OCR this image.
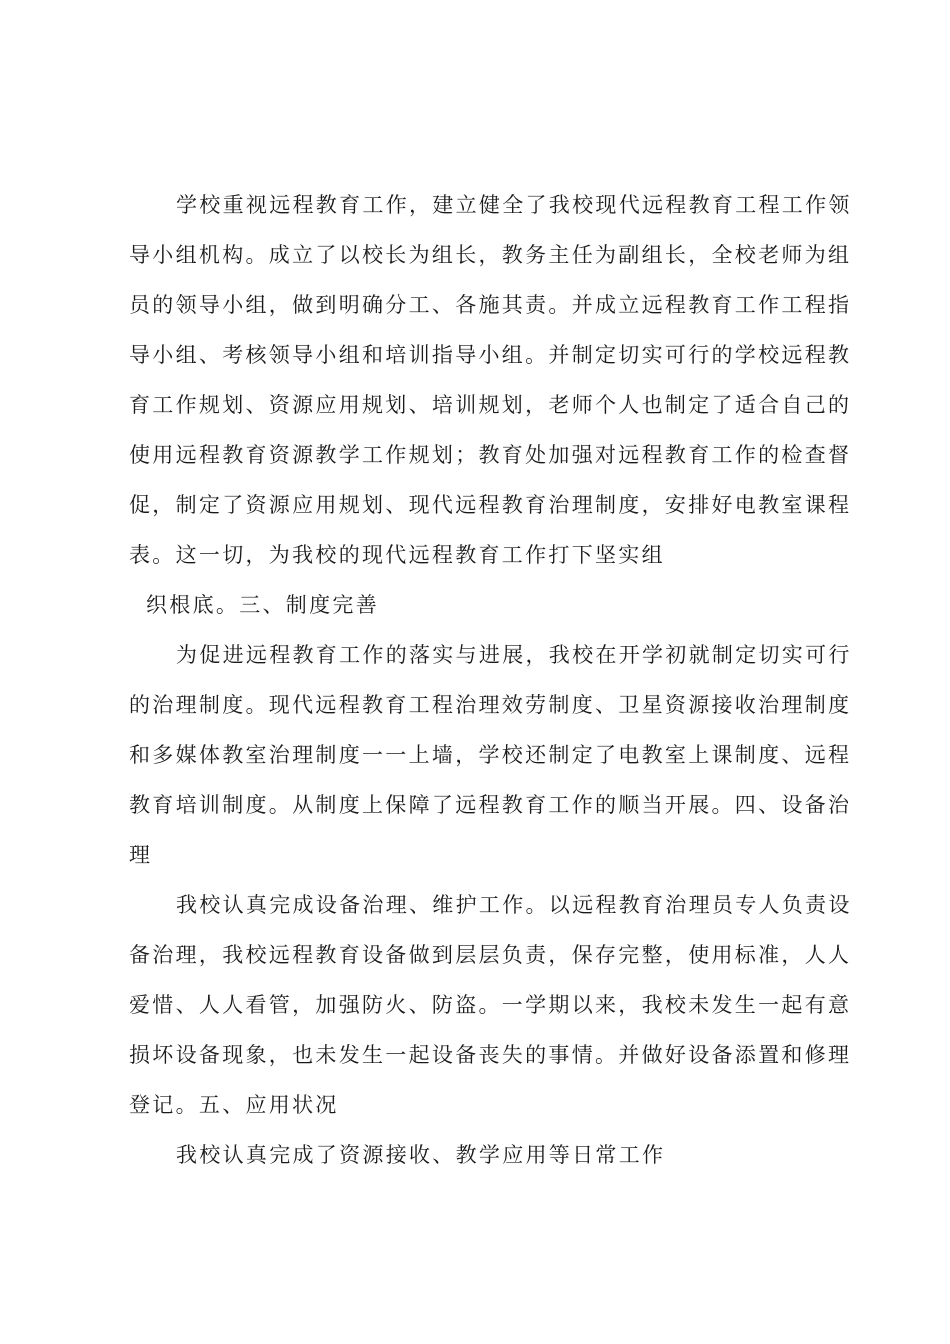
学校重视远程教育工作，建立健全了我校现代远程教育工程工作领
导小组机构。成立了以校长为组长，教务主任为副组长，全校老师为组
员的领导小组，做到明确分工、各施其责。并成立远程教育工作工程指
导小组、考核领导小组和培训指导小组。并制定切实可行的学校远程教
育工作规划、资源应用规划、培训规划，老师个人也制定了适合自己的
使用远程教育资源教学工作规划；教育处加强对远程教育工作的检查督
促，制定了资源应用规划、现代远程教育治理制度，安排好电教室课程
表。这一切，为我校的现代远程教育工作打下坚实组
织根底。三、制度完善
为促进远程教育工作的落实与进展，我校在开学初就制定切实可行
的治理制度。现代远程教育工程治理效劳制度、卫星资源接收治理制度
和多媒体教室治理制度一一上墙，学校还制定了电教室上课制度、远程
教育培训制度。从制度上保障了远程教育工作的顺当开展。四、设备治
理
我校认真完成设备治理、维护工作。以远程教育治理员专人负责设
备治理，我校远程教育设备做到层层负责，保存完整，使用标准，人人
爱惜、人人看管，加强防火、防盗。一学期以来，我校未发生一起有意
损坏设备现象，也未发生一起设备丧失的事情。并做好设备添置和修理
登记。五、应用状况
我校认真完成了资源接收、教学应用等日常工作
